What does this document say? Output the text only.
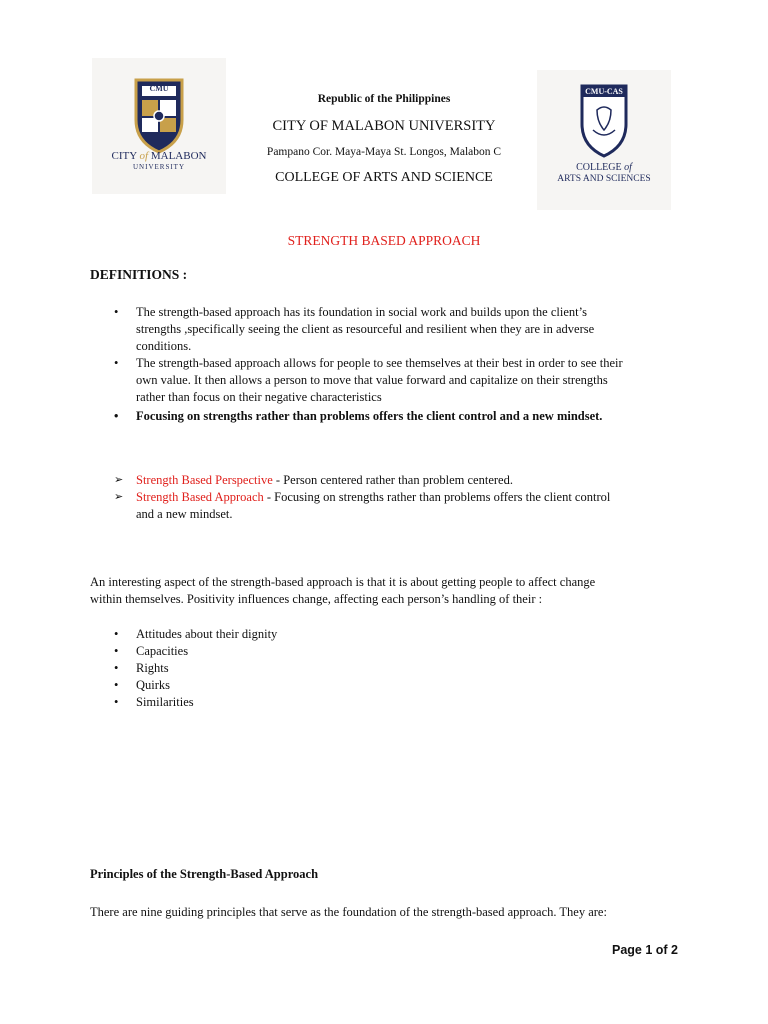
CMU
CITY of MALABON
UNIVERSITY
CMU-CAS
COLLEGE of
ARTS AND SCIENCES
Republic of the Philippines
CITY OF MALABON UNIVERSITY
Pampano Cor. Maya-Maya St. Longos, Malabon C
COLLEGE OF ARTS AND SCIENCE
STRENGTH BASED APPROACH
DEFINITIONS :
• The strength-based approach has its foundation in social work and builds upon the client’s
strengths ,specifically seeing the client as resourceful and resilient when they are in adverse
conditions.
• The strength-based approach allows for people to see themselves at their best in order to see their
own value. It then allows a person to move that value forward and capitalize on their strengths
rather than focus on their negative characteristics
• Focusing on strengths rather than problems offers the client control and a new mindset.
➢ Strength Based Perspective - Person centered rather than problem centered.
➢ Strength Based Approach - Focusing on strengths rather than problems offers the client control
and a new mindset.
An interesting aspect of the strength-based approach is that it is about getting people to affect change
within themselves. Positivity influences change, affecting each person’s handling of their :
• Attitudes about their dignity
• Capacities
• Rights
• Quirks
• Similarities
Principles of the Strength-Based Approach
There are nine guiding principles that serve as the foundation of the strength-based approach. They are:
Page 1 of 2
